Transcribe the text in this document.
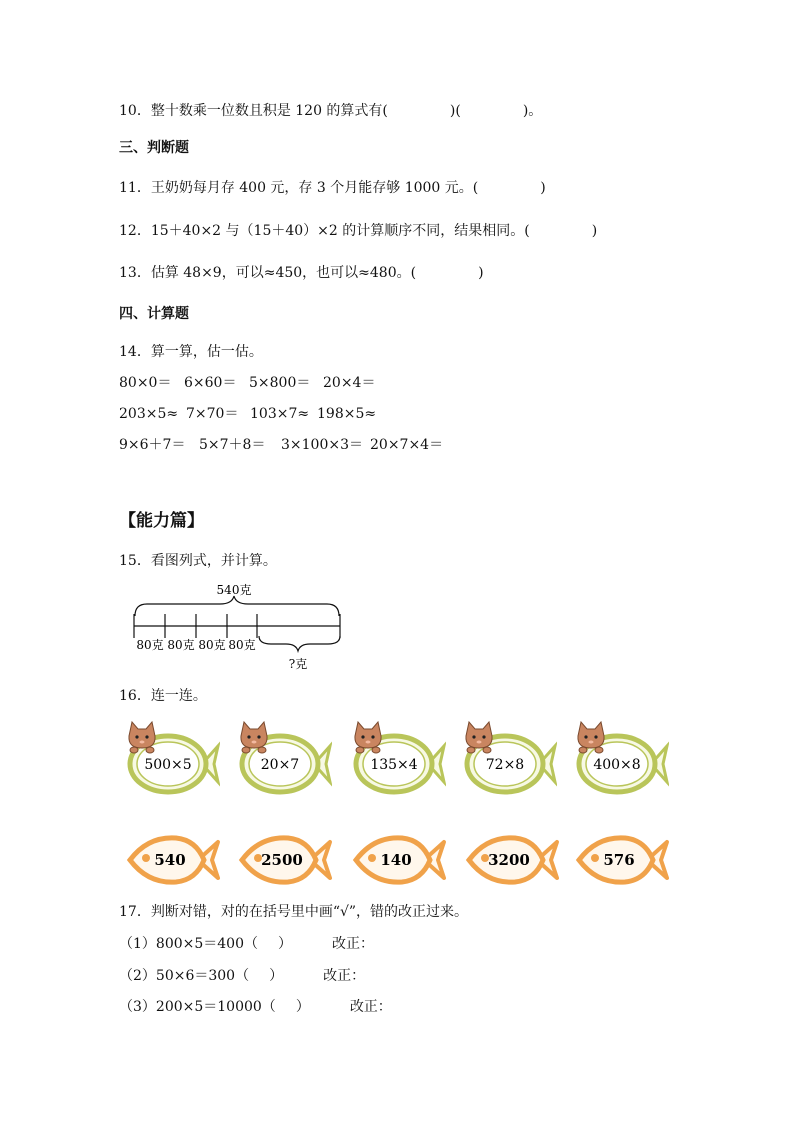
10．整十数乘一位数且积是 120 的算式有(	)(	)。
三、判断题
11．王奶奶每月存 400 元，存 3 个月能存够 1000 元。(	)
12．15＋40×2 与（15＋40）×2 的计算顺序不同，结果相同。(	)
13．估算 48×9，可以≈450，也可以≈480。(	)
四、计算题
14．算一算，估一估。
80×0＝ 6×60＝ 5×800＝ 20×4＝
203×5≈ 7×70＝ 103×7≈ 198×5≈
9×6＋7＝ 5×7＋8＝ 3×100×3＝ 20×7×4＝
【能力篇】
15．看图列式，并计算。
540克
80克 80克 80克 80克
?克
16．连一连。
500×5	20×7	135×4	72×8	400×8
540	2500	140	3200	576
17．判断对错，对的在括号里中画“√”，错的改正过来。
（1）800×5＝400（ ）	改正：
（2）50×6＝300（ ）	改正：
（3）200×5＝10000（ ）	改正：
